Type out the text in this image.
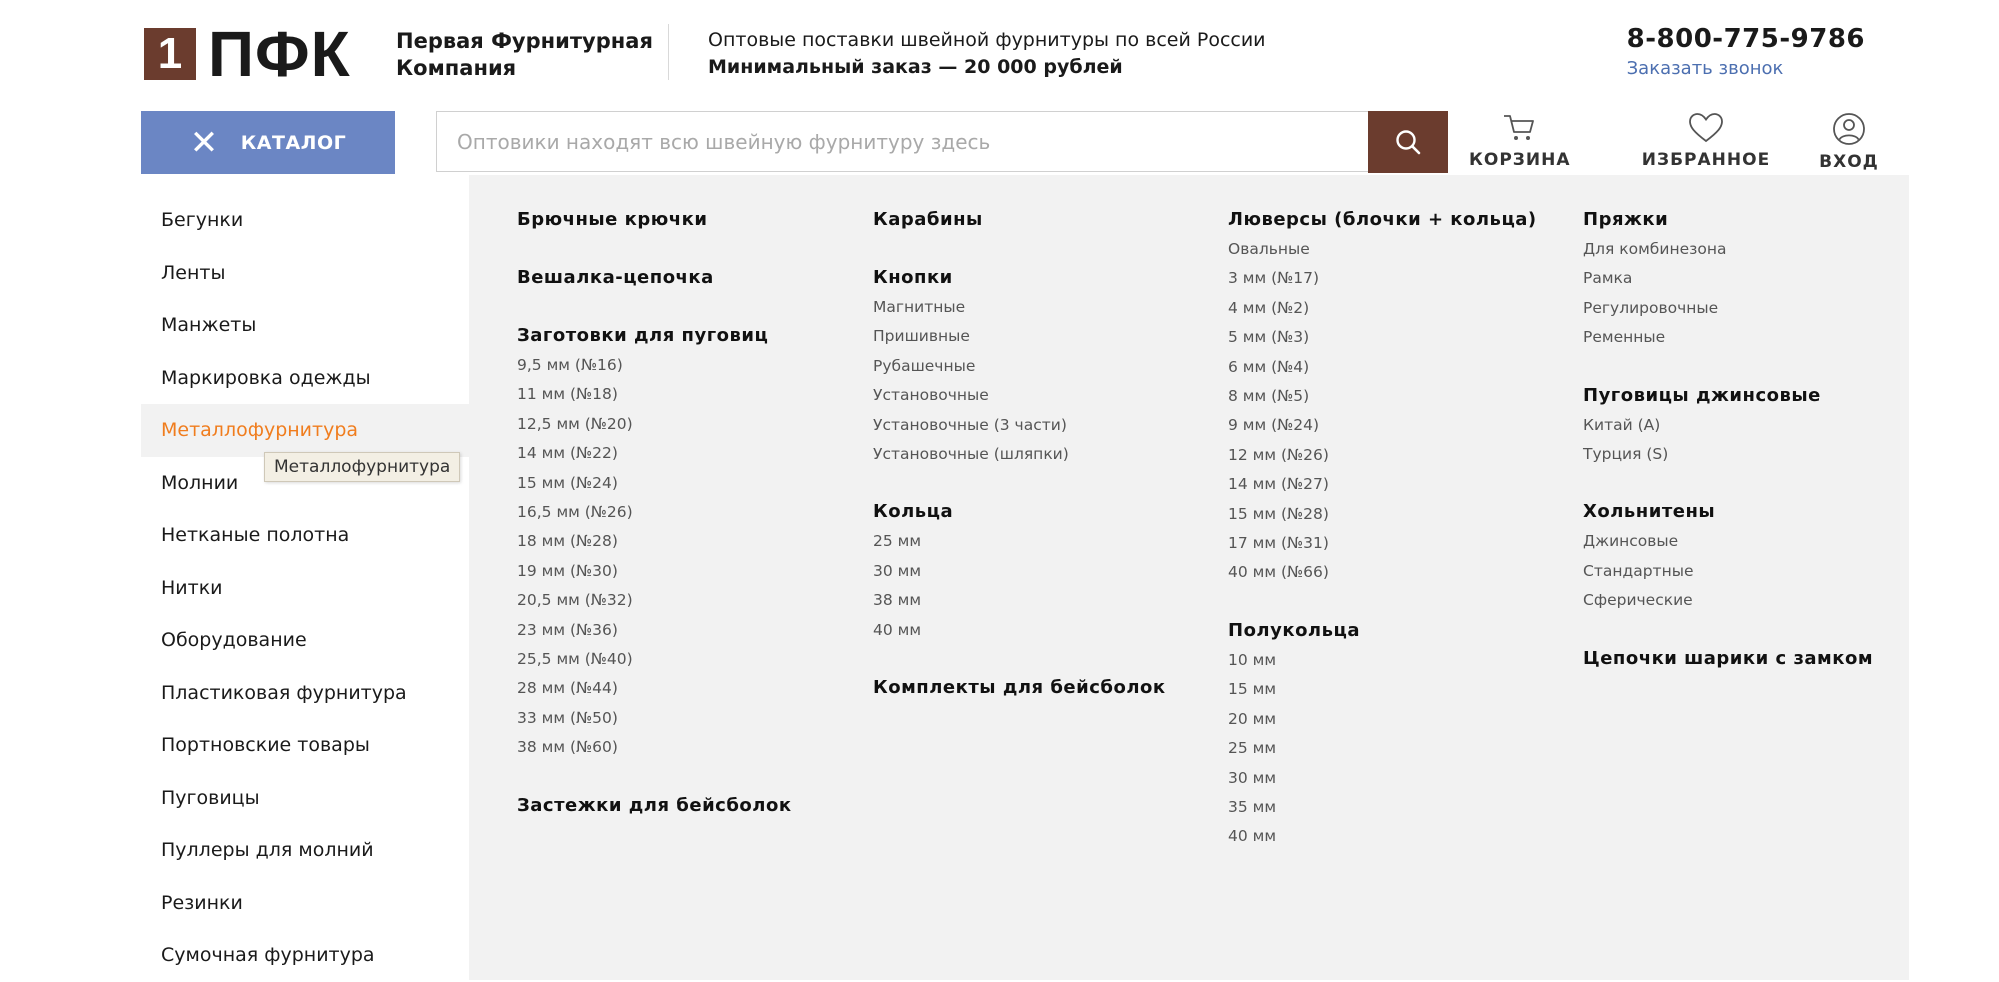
1 ПФК Первая Фурнитурная
Компания
Оптовые поставки швейной фурнитуры по всей России
Минимальный заказ — 20 000 рублей
8-800-775-9786
Заказать звонок
✕ КАТАЛОГ
Оптовики находят всю швейную фурнитуру здесь
КОРЗИНА	ИЗБРАННОЕ	ВХОД
Брючные крючки
Вешалка-цепочка
Заготовки для пуговиц
9,5 мм (№16)
11 мм (№18)
12,5 мм (№20)
14 мм (№22)
15 мм (№24)
16,5 мм (№26)
18 мм (№28)
19 мм (№30)
20,5 мм (№32)
23 мм (№36)
25,5 мм (№40)
28 мм (№44)
33 мм (№50)
38 мм (№60)
Застежки для бейсболок
Карабины
Кнопки
Магнитные
Пришивные
Рубашечные
Установочные
Установочные (3 части)
Установочные (шляпки)
Кольца
25 мм
30 мм
38 мм
40 мм
Комплекты для бейсболок
Люверсы (блочки + кольца)
Овальные
3 мм (№17)
4 мм (№2)
5 мм (№3)
6 мм (№4)
8 мм (№5)
9 мм (№24)
12 мм (№26)
14 мм (№27)
15 мм (№28)
17 мм (№31)
40 мм (№66)
Полукольца
10 мм
15 мм
20 мм
25 мм
30 мм
35 мм
40 мм
Пряжки
Для комбинезона
Рамка
Регулировочные
Ременные
Пуговицы джинсовые
Китай (A)
Турция (S)
Хольнитены
Джинсовые
Стандартные
Сферические
Цепочки шарики с замком
Бегунки
Ленты
Манжеты
Маркировка одежды
Металлофурнитура
Молнии
Нетканые полотна
Нитки
Оборудование
Пластиковая фурнитура
Портновские товары
Пуговицы
Пуллеры для молний
Резинки
Сумочная фурнитура
Металлофурнитура
